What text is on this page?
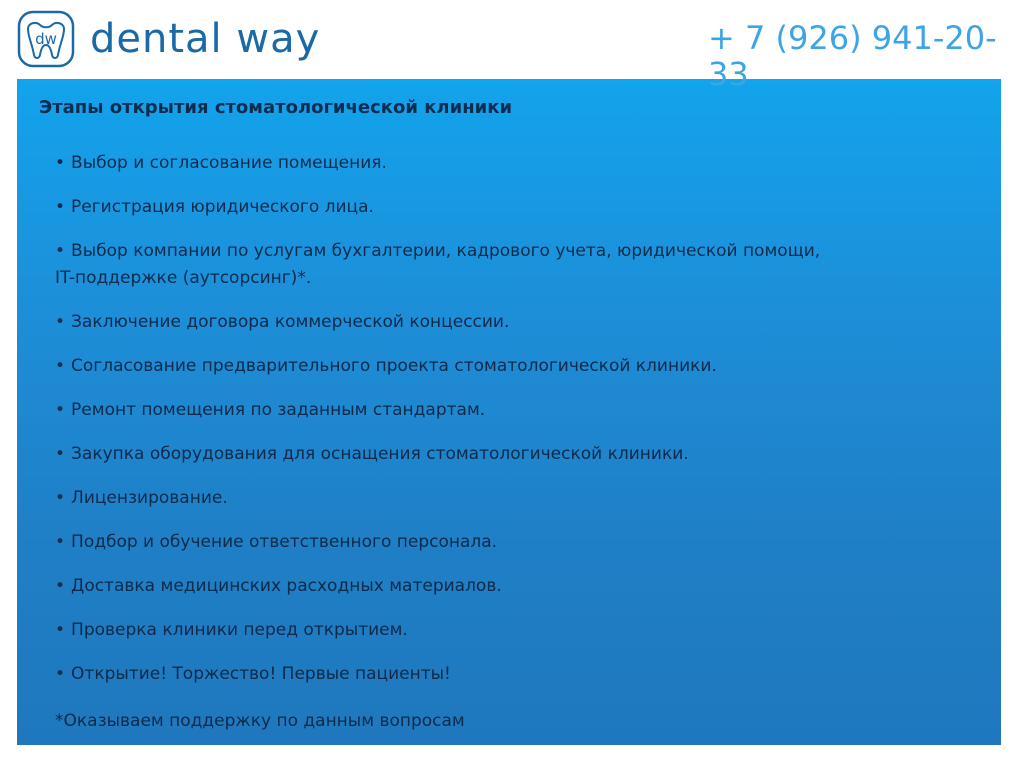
dw dental way	+ 7 (926) 941-20-33
Этапы открытия стоматологической клиники
• Выбор и согласование помещения.
• Регистрация юридического лица.
• Выбор компании по услугам бухгалтерии, кадрового учета, юридической помощи, IT-поддержке (аутсорсинг)*.
• Заключение договора коммерческой концессии.
• Согласование предварительного проекта стоматологической клиники.
• Ремонт помещения по заданным стандартам.
• Закупка оборудования для оснащения стоматологической клиники.
• Лицензирование.
• Подбор и обучение ответственного персонала.
• Доставка медицинских расходных материалов.
• Проверка клиники перед открытием.
• Открытие! Торжество! Первые пациенты!
*Оказываем поддержку по данным вопросам
